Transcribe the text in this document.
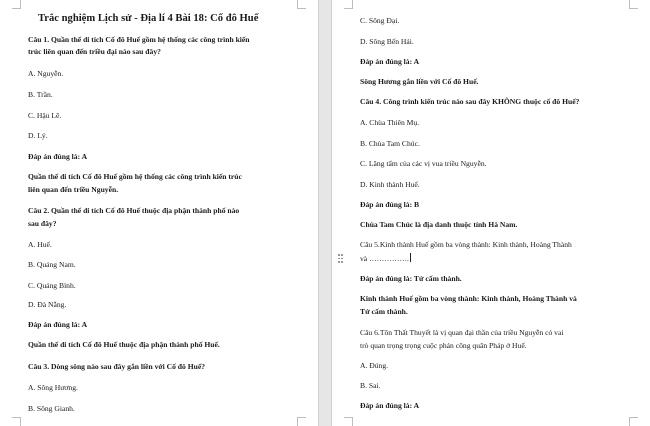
Trắc nghiệm Lịch sử - Địa lí 4 Bài 18: Cố đô Huế
Câu 1. Quần thể di tích Cố đô Huế gồm hệ thống các công trình kiến
trúc liên quan đến triều đại nào sau đây?
A. Nguyễn.
B. Trần.
C. Hậu Lê.
D. Lý.
Đáp án đúng là: A
Quần thể di tích Cố đô Huế gồm hệ thống các công trình kiến trúc
liên quan đến triều Nguyễn.
Câu 2. Quần thể di tích Cố đô Huế thuộc địa phận thành phố nào
sau đây?
A. Huế.
B. Quảng Nam.
C. Quảng Bình.
D. Đà Nẵng.
Đáp án đúng là: A
Quần thể di tích Cố đô Huế thuộc địa phận thành phố Huế.
Câu 3. Dòng sông nào sau đây gắn liền với Cố đô Huế?
A. Sông Hương.
B. Sông Gianh.
C. Sông Đại.
D. Sông Bến Hải.
Đáp án đúng là: A
Sông Hương gắn liền với Cố đô Huế.
Câu 4. Công trình kiến trúc nào sau đây KHÔNG thuộc cố đô Huế?
A. Chùa Thiên Mụ.
B. Chùa Tam Chúc.
C. Lăng tẩm của các vị vua triều Nguyễn.
D. Kinh thành Huế.
Đáp án đúng là: B
Chùa Tam Chúc là địa danh thuộc tỉnh Hà Nam.
Câu 5.Kinh thành Huế gồm ba vòng thành: Kinh thành, Hoàng Thành
và …………….
Đáp án đúng là: Tử cấm thành.
Kinh thành Huế gồm ba vòng thành: Kinh thành, Hoàng Thành và
Tử cấm thành.
Câu 6.Tôn Thất Thuyết là vị quan đại thần của triều Nguyễn có vai
trò quan trọng trọng cuộc phản công quân Pháp ở Huế.
A. Đúng.
B. Sai.
Đáp án đúng là: A
